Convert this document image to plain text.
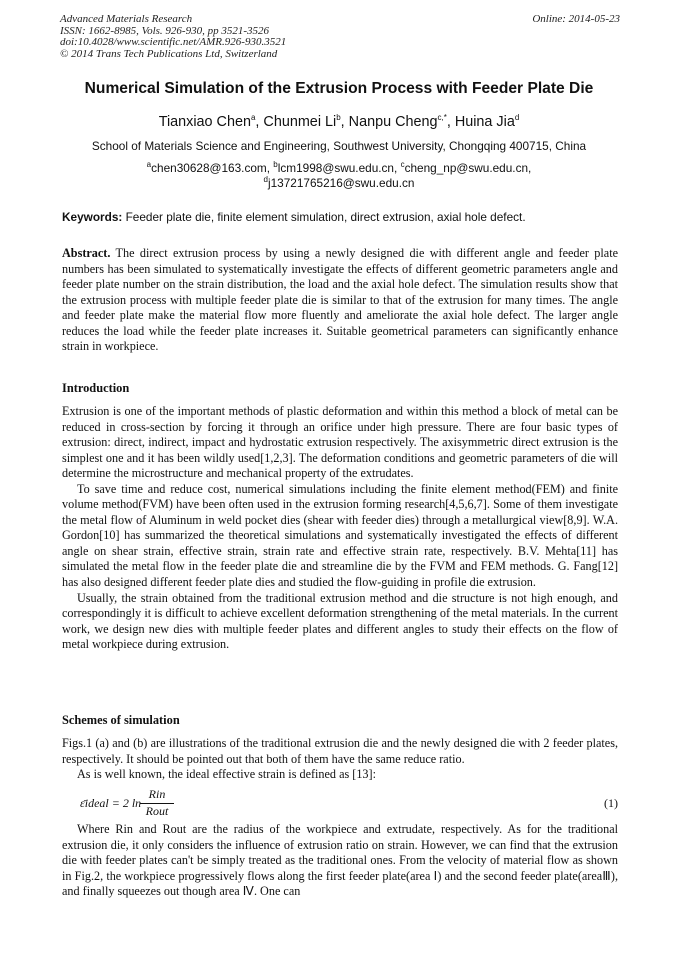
Advanced Materials Research
ISSN: 1662-8985, Vols. 926-930, pp 3521-3526
doi:10.4028/www.scientific.net/AMR.926-930.3521
© 2014 Trans Tech Publications Ltd, Switzerland
Online: 2014-05-23
Numerical Simulation of the Extrusion Process with Feeder Plate Die
Tianxiao Chen$^a$, Chunmei Li$^b$, Nanpu Cheng$^{c,*}$, Huina Jia$^d$
School of Materials Science and Engineering, Southwest University, Chongqing 400715, China
$^a$chen30628@163.com, $^b$lcm1998@swu.edu.cn, $^c$cheng_np@swu.edu.cn,
$^d$j13721765216@swu.edu.cn
Keywords: Feeder plate die, finite element simulation, direct extrusion, axial hole defect.

Abstract. The direct extrusion process by using a newly designed die with different angle and feeder plate numbers has been simulated to systematically investigate the effects of different geometric parameters angle and feeder plate number on the strain distribution, the load and the axial hole defect. The simulation results show that the extrusion process with multiple feeder plate die is similar to that of the extrusion for many times. The angle and feeder plate make the material flow more fluently and ameliorate the axial hole defect. The larger angle reduces the load while the feeder plate increases it. Suitable geometrical parameters can significantly enhance strain in workpiece.

Introduction

Extrusion is one of the important methods of plastic deformation and within this method a block of metal can be reduced in cross-section by forcing it through an orifice under high pressure. There are four basic types of extrusion: direct, indirect, impact and hydrostatic extrusion respectively. The axisymmetric direct extrusion is the simplest one and it has been wildly used[1,2,3]. The deformation conditions and geometric parameters of die will determine the microstructure and mechanical property of the extrudates.

To save time and reduce cost, numerical simulations including the finite element method(FEM) and finite volume method(FVM) have been often used in the extrusion forming research[4,5,6,7]. Some of them investigate the metal flow of Aluminum in weld pocket dies (shear with feeder dies) through a metallurgical view[8,9]. W.A. Gordon[10] has summarized the theoretical simulations and systematically investigated the effects of different angle on shear strain, effective strain, strain rate and effective strain rate, respectively. B.V. Mehta[11] has simulated the metal flow in the feeder plate die and streamline die by the FVM and FEM methods. G. Fang[12] has also designed different feeder plate dies and studied the flow-guiding in profile die extrusion.

Usually, the strain obtained from the traditional extrusion method and die structure is not high enough, and correspondingly it is difficult to achieve excellent deformation strengthening of the metal materials. In the current work, we design new dies with multiple feeder plates and different angles to study their effects on the flow of metal workpiece during extrusion.

Schemes of simulation

Figs.1 (a) and (b) are illustrations of the traditional extrusion die and the newly designed die with 2 feeder plates, respectively. It should be pointed out that both of them have the same reduce ratio.

As is well known, the ideal effective strain is defined as [13]:

ε̄ideal = 2 ln
Rin
Rout
(1)

Where Rin and Rout are the radius of the workpiece and extrudate, respectively. As for the traditional extrusion die, it only considers the influence of extrusion ratio on strain. However, we can find that the extrusion die with feeder plates can't be simply treated as the traditional ones. From the velocity of material flow as shown in Fig.2, the workpiece progressively flows along the first feeder plate(area Ⅰ) and the second feeder plate(areaⅢ), and finally squeezes out though area Ⅳ. One can
